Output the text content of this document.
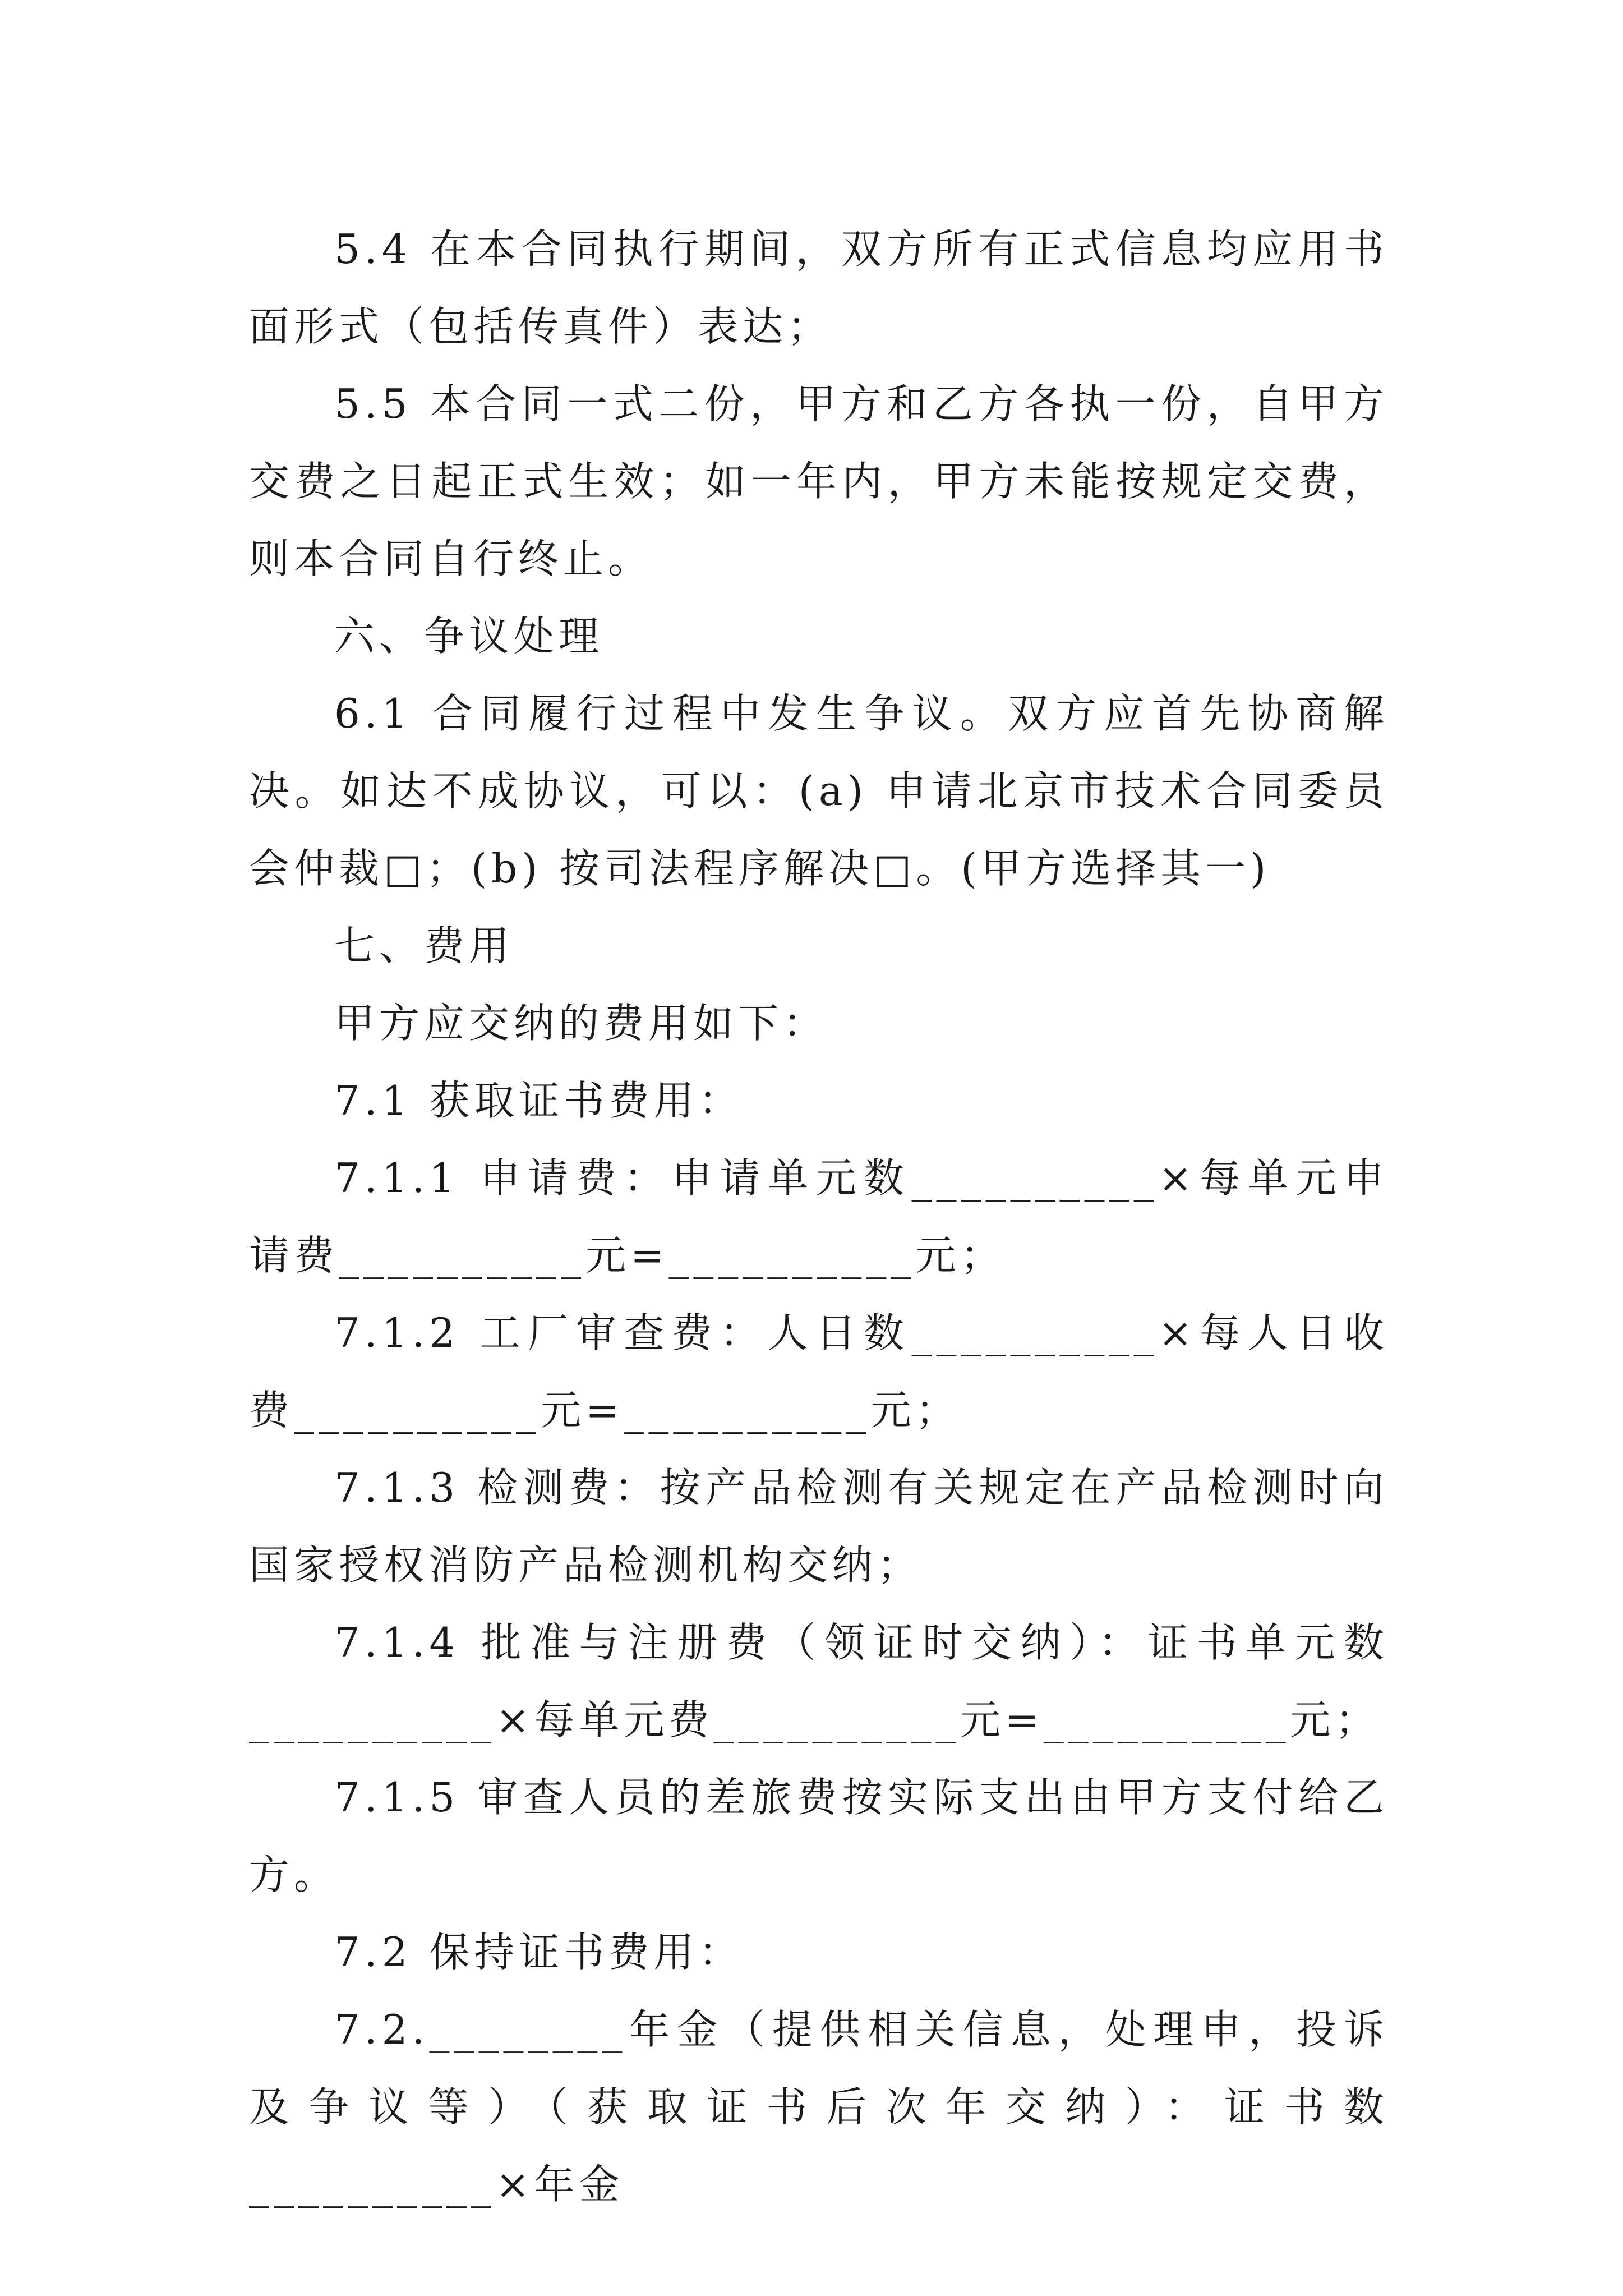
5.4 在本合同执行期间，双方所有正式信息均应用书面形式（包括传真件）表达；

5.5 本合同一式二份，甲方和乙方各执一份，自甲方交费之日起正式生效；如一年内，甲方未能按规定交费，则本合同自行终止。

六、争议处理

6.1 合同履行过程中发生争议。双方应首先协商解决。如达不成协议，可以：(a) 申请北京市技术合同委员会仲裁□；(b) 按司法程序解决□。(甲方选择其一)

七、费用

甲方应交纳的费用如下：

7.1 获取证书费用：

7.1.1 申请费：申请单元数__________×每单元申请费__________元=__________元；

7.1.2 工厂审查费：人日数__________×每人日收费__________元=__________元；

7.1.3 检测费：按产品检测有关规定在产品检测时向国家授权消防产品检测机构交纳；

7.1.4 批准与注册费（领证时交纳）：证书单元数__________×每单元费__________元=__________元；

7.1.5 审查人员的差旅费按实际支出由甲方支付给乙方。

7.2 保持证书费用：

7.2.________年金（提供相关信息，处理申，投诉及争议等）（获取证书后次年交纳）：证书数__________×年金
